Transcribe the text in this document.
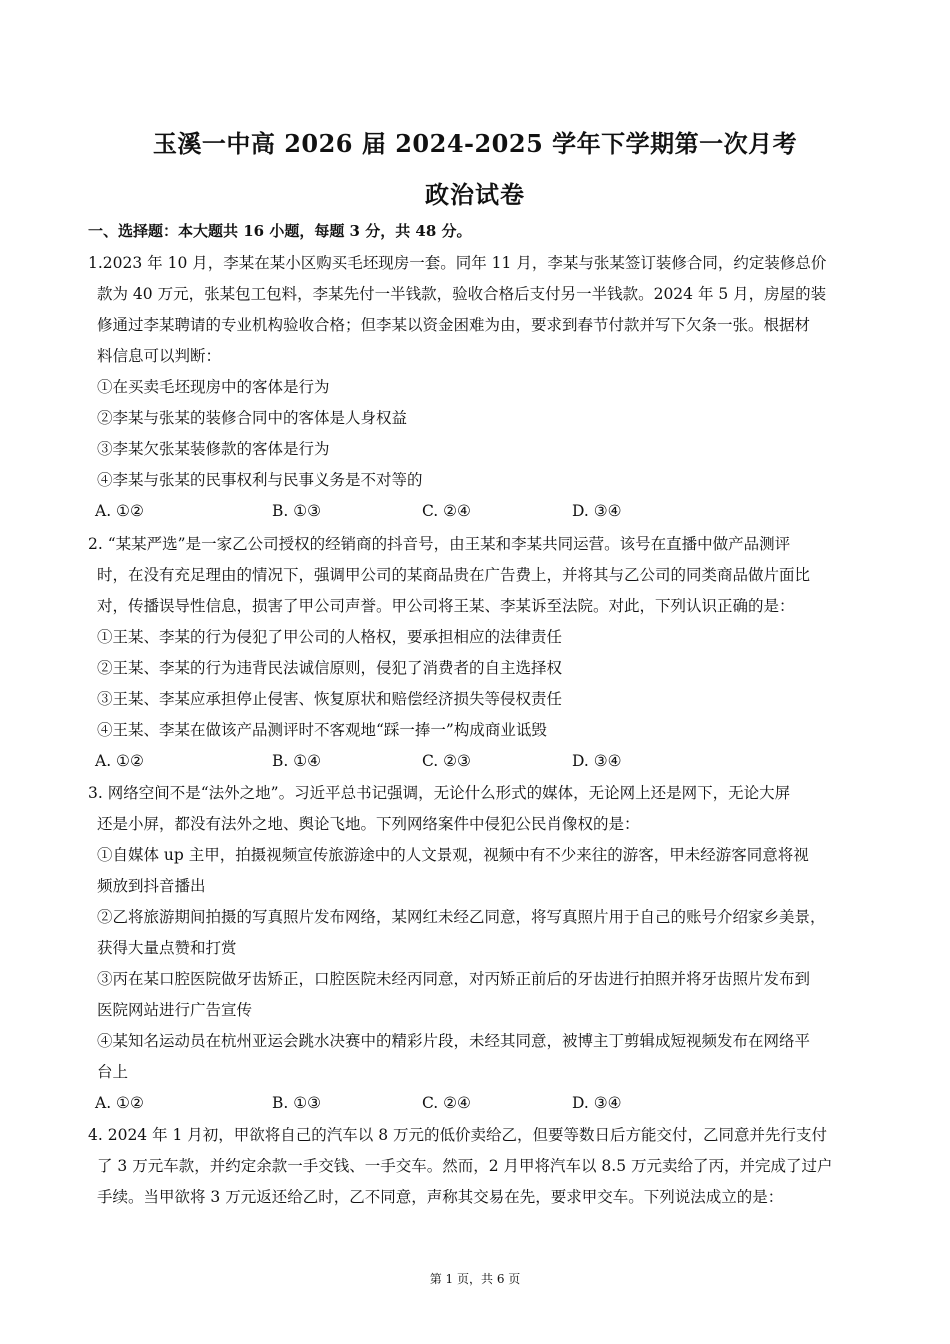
玉溪一中高 2026 届 2024-2025 学年下学期第一次月考
政治试卷
一、选择题：本大题共 16 小题，每题 3 分，共 48 分。
1.2023 年 10 月，李某在某小区购买毛坯现房一套。同年 11 月，李某与张某签订装修合同，约定装修总价
款为 40 万元，张某包工包料，李某先付一半钱款，验收合格后支付另一半钱款。2024 年 5 月，房屋的装
修通过李某聘请的专业机构验收合格；但李某以资金困难为由，要求到春节付款并写下欠条一张。根据材
料信息可以判断：
①在买卖毛坯现房中的客体是行为
②李某与张某的装修合同中的客体是人身权益
③李某欠张某装修款的客体是行为
④李某与张某的民事权利与民事义务是不对等的
A. ①②	B. ①③	C. ②④	D. ③④
2. “某某严选”是一家乙公司授权的经销商的抖音号，由王某和李某共同运营。该号在直播中做产品测评
时，在没有充足理由的情况下，强调甲公司的某商品贵在广告费上，并将其与乙公司的同类商品做片面比
对，传播误导性信息，损害了甲公司声誉。甲公司将王某、李某诉至法院。对此，下列认识正确的是：
①王某、李某的行为侵犯了甲公司的人格权，要承担相应的法律责任
②王某、李某的行为违背民法诚信原则，侵犯了消费者的自主选择权
③王某、李某应承担停止侵害、恢复原状和赔偿经济损失等侵权责任
④王某、李某在做该产品测评时不客观地“踩一捧一”构成商业诋毁
A. ①②	B. ①④	C. ②③	D. ③④
3. 网络空间不是“法外之地”。习近平总书记强调，无论什么形式的媒体，无论网上还是网下，无论大屏
还是小屏，都没有法外之地、舆论飞地。下列网络案件中侵犯公民肖像权的是：
①自媒体 up 主甲，拍摄视频宣传旅游途中的人文景观，视频中有不少来往的游客，甲未经游客同意将视
频放到抖音播出
②乙将旅游期间拍摄的写真照片发布网络，某网红未经乙同意，将写真照片用于自己的账号介绍家乡美景，
获得大量点赞和打赏
③丙在某口腔医院做牙齿矫正，口腔医院未经丙同意，对丙矫正前后的牙齿进行拍照并将牙齿照片发布到
医院网站进行广告宣传
④某知名运动员在杭州亚运会跳水决赛中的精彩片段，未经其同意，被博主丁剪辑成短视频发布在网络平
台上
A. ①②	B. ①③	C. ②④	D. ③④
4. 2024 年 1 月初，甲欲将自己的汽车以 8 万元的低价卖给乙，但要等数日后方能交付，乙同意并先行支付
了 3 万元车款，并约定余款一手交钱、一手交车。然而，2 月甲将汽车以 8.5 万元卖给了丙，并完成了过户
手续。当甲欲将 3 万元返还给乙时，乙不同意，声称其交易在先，要求甲交车。下列说法成立的是：
第 1 页，共 6 页
